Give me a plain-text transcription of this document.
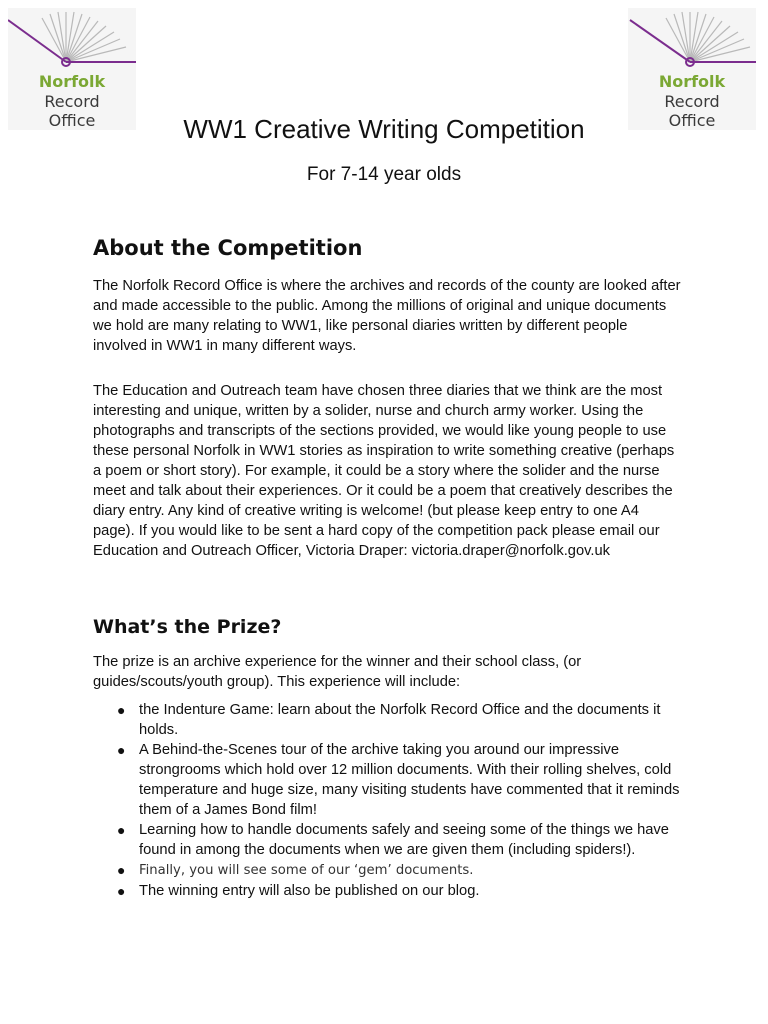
Norfolk
Record
Office
Norfolk
Record
Office
WW1 Creative Writing Competition

For 7-14 year olds

About the Competition

The Norfolk Record Office is where the archives and records of the county are looked after and made accessible to the public. Among the millions of original and unique documents we hold are many relating to WW1, like personal diaries written by different people involved in WW1 in many different ways.

The Education and Outreach team have chosen three diaries that we think are the most interesting and unique, written by a solider, nurse and church army worker. Using the photographs and transcripts of the sections provided, we would like young people to use these personal Norfolk in WW1 stories as inspiration to write something creative (perhaps a poem or short story). For example, it could be a story where the solider and the nurse meet and talk about their experiences. Or it could be a poem that creatively describes the diary entry. Any kind of creative writing is welcome! (but please keep entry to one A4 page). If you would like to be sent a hard copy of the competition pack please email our Education and Outreach Officer, Victoria Draper: victoria.draper@norfolk.gov.uk

What’s the Prize?

The prize is an archive experience for the winner and their school class, (or guides/scouts/youth group). This experience will include:

● the Indenture Game: learn about the Norfolk Record Office and the documents it holds.
● A Behind-the-Scenes tour of the archive taking you around our impressive strongrooms which hold over 12 million documents. With their rolling shelves, cold temperature and huge size, many visiting students have commented that it reminds them of a James Bond film!
● Learning how to handle documents safely and seeing some of the things we have found in among the documents when we are given them (including spiders!).
● Finally, you will see some of our ‘gem’ documents.
● The winning entry will also be published on our blog.
